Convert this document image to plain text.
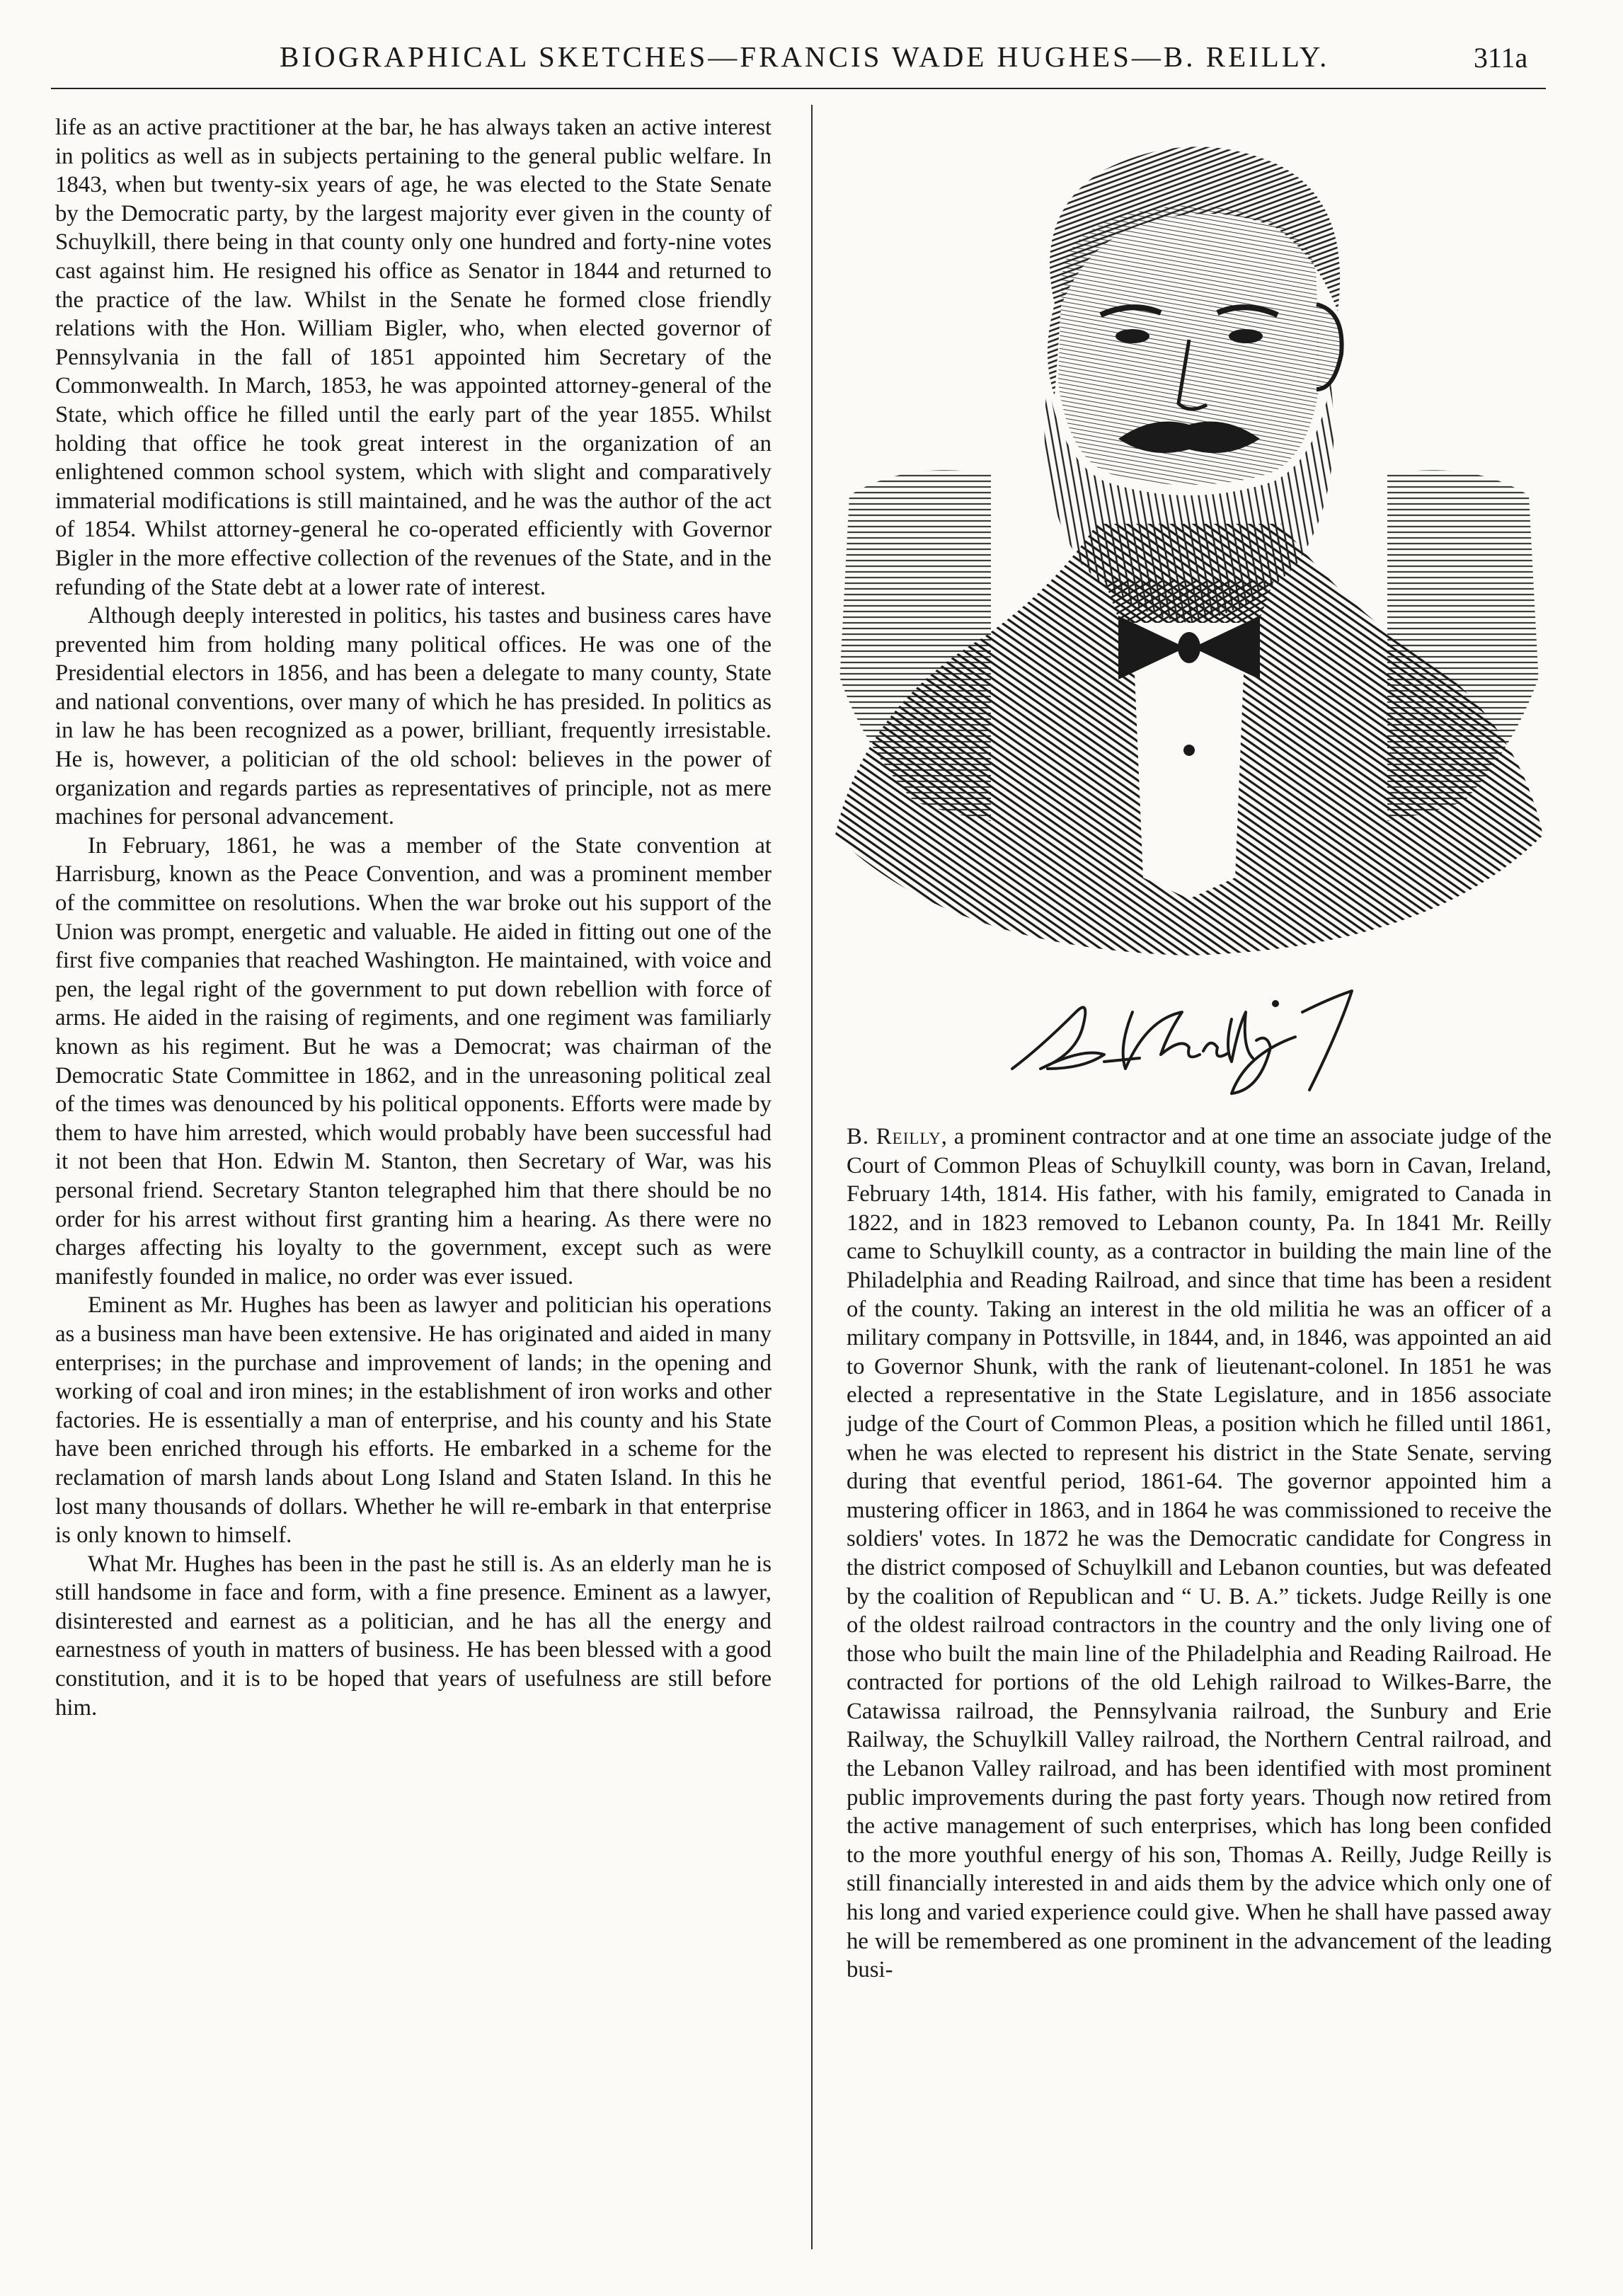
BIOGRAPHICAL SKETCHES—FRANCIS WADE HUGHES—B. REILLY.	311a

life as an active practitioner at the bar, he has always taken an active interest in politics as well as in subjects pertaining to the general public welfare. In 1843, when but twenty-six years of age, he was elected to the State Senate by the Democratic party, by the largest majority ever given in the county of Schuylkill, there being in that county only one hundred and forty-nine votes cast against him. He resigned his office as Senator in 1844 and returned to the practice of the law. Whilst in the Senate he formed close friendly relations with the Hon. William Bigler, who, when elected governor of Pennsylvania in the fall of 1851 appointed him Secretary of the Commonwealth. In March, 1853, he was appointed attorney-general of the State, which office he filled until the early part of the year 1855. Whilst holding that office he took great interest in the organization of an enlightened common school system, which with slight and comparatively immaterial modifications is still maintained, and he was the author of the act of 1854. Whilst attorney-general he co-operated efficiently with Governor Bigler in the more effective collection of the revenues of the State, and in the refunding of the State debt at a lower rate of interest.

Although deeply interested in politics, his tastes and business cares have prevented him from holding many political offices. He was one of the Presidential electors in 1856, and has been a delegate to many county, State and national conventions, over many of which he has presided. In politics as in law he has been recognized as a power, brilliant, frequently irresistable. He is, however, a politician of the old school: believes in the power of organization and regards parties as representatives of principle, not as mere machines for personal advancement.

In February, 1861, he was a member of the State convention at Harrisburg, known as the Peace Convention, and was a prominent member of the committee on resolutions. When the war broke out his support of the Union was prompt, energetic and valuable. He aided in fitting out one of the first five companies that reached Washington. He maintained, with voice and pen, the legal right of the government to put down rebellion with force of arms. He aided in the raising of regiments, and one regiment was familiarly known as his regiment. But he was a Democrat; was chairman of the Democratic State Committee in 1862, and in the unreasoning political zeal of the times was denounced by his political opponents. Efforts were made by them to have him arrested, which would probably have been successful had it not been that Hon. Edwin M. Stanton, then Secretary of War, was his personal friend. Secretary Stanton telegraphed him that there should be no order for his arrest without first granting him a hearing. As there were no charges affecting his loyalty to the government, except such as were manifestly founded in malice, no order was ever issued.

Eminent as Mr. Hughes has been as lawyer and politician his operations as a business man have been extensive. He has originated and aided in many enterprises; in the purchase and improvement of lands; in the opening and working of coal and iron mines; in the establishment of iron works and other factories. He is essentially a man of enterprise, and his county and his State have been enriched through his efforts. He embarked in a scheme for the reclamation of marsh lands about Long Island and Staten Island. In this he lost many thousands of dollars. Whether he will re-embark in that enterprise is only known to himself.

What Mr. Hughes has been in the past he still is. As an elderly man he is still handsome in face and form, with a fine presence. Eminent as a lawyer, disinterested and earnest as a politician, and he has all the energy and earnestness of youth in matters of business. He has been blessed with a good constitution, and it is to be hoped that years of usefulness are still before him.

B. Reilly, a prominent contractor and at one time an associate judge of the Court of Common Pleas of Schuylkill county, was born in Cavan, Ireland, February 14th, 1814. His father, with his family, emigrated to Canada in 1822, and in 1823 removed to Lebanon county, Pa. In 1841 Mr. Reilly came to Schuylkill county, as a contractor in building the main line of the Philadelphia and Reading Railroad, and since that time has been a resident of the county. Taking an interest in the old militia he was an officer of a military company in Pottsville, in 1844, and, in 1846, was appointed an aid to Governor Shunk, with the rank of lieutenant-colonel. In 1851 he was elected a representative in the State Legislature, and in 1856 associate judge of the Court of Common Pleas, a position which he filled until 1861, when he was elected to represent his district in the State Senate, serving during that eventful period, 1861-64. The governor appointed him a mustering officer in 1863, and in 1864 he was commissioned to receive the soldiers' votes. In 1872 he was the Democratic candidate for Congress in the district composed of Schuylkill and Lebanon counties, but was defeated by the coalition of Republican and “ U. B. A.” tickets. Judge Reilly is one of the oldest railroad contractors in the country and the only living one of those who built the main line of the Philadelphia and Reading Railroad. He contracted for portions of the old Lehigh railroad to Wilkes-Barre, the Catawissa railroad, the Pennsylvania railroad, the Sunbury and Erie Railway, the Schuylkill Valley railroad, the Northern Central railroad, and the Lebanon Valley railroad, and has been identified with most prominent public improvements during the past forty years. Though now retired from the active management of such enterprises, which has long been confided to the more youthful energy of his son, Thomas A. Reilly, Judge Reilly is still financially interested in and aids them by the advice which only one of his long and varied experience could give. When he shall have passed away he will be remembered as one prominent in the advancement of the leading busi-
